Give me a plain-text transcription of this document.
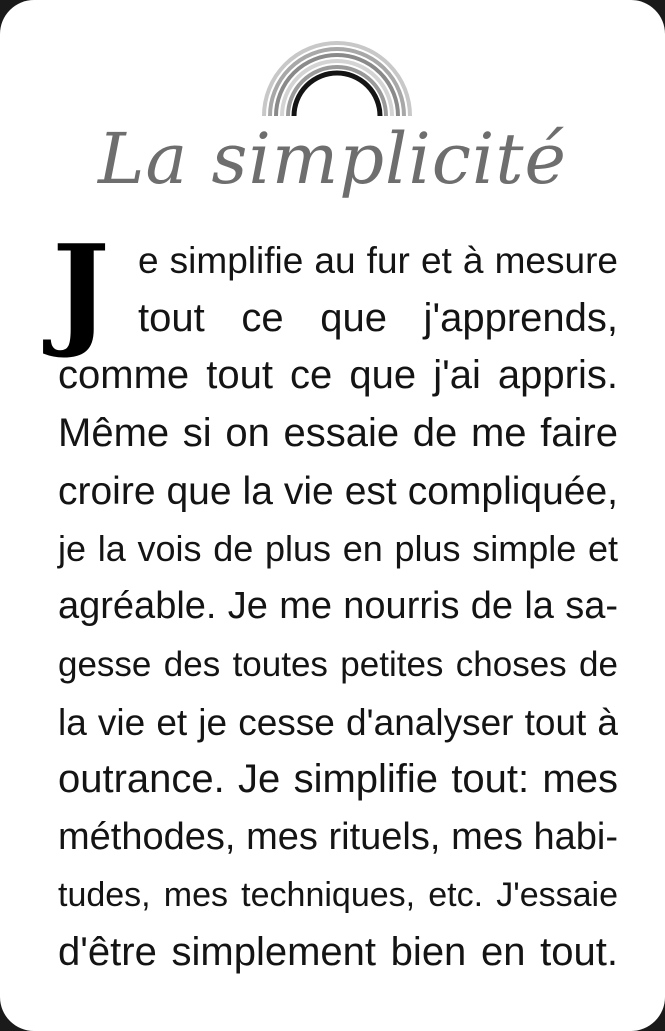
La simplicité
J e simplifie au fur et à mesure
tout ce que j'apprends,
comme tout ce que j'ai appris.
Même si on essaie de me faire
croire que la vie est compliquée,
je la vois de plus en plus simple et
agréable. Je me nourris de la sa-
gesse des toutes petites choses de
la vie et je cesse d'analyser tout à
outrance. Je simplifie tout: mes
méthodes, mes rituels, mes habi-
tudes, mes techniques, etc. J'essaie
d'être simplement bien en tout.
